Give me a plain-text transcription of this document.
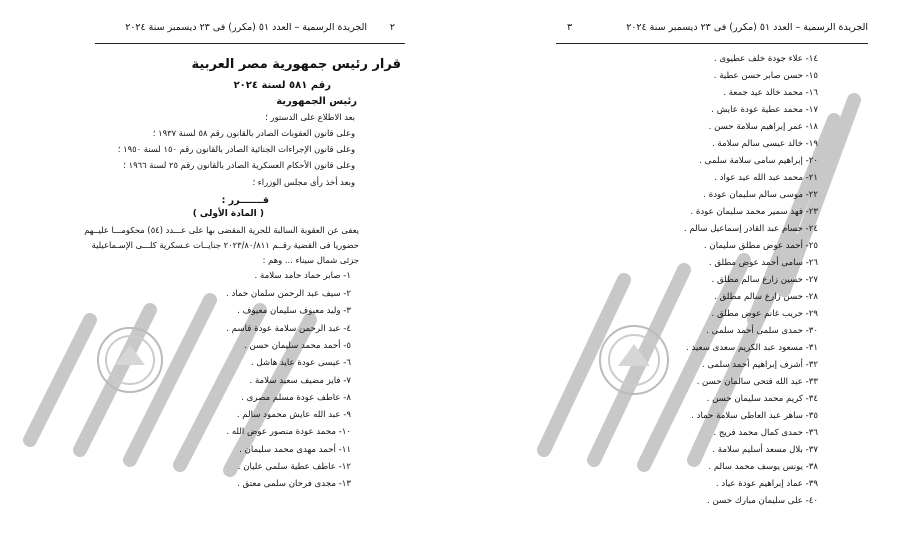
الجريدة الرسمية – العدد ٥١ (مكرر) فى ٢٣ ديسمبر سنة ٢٠٢٤ ٢
قرار رئيس جمهورية مصر العربية
رقم ٥٨١ لسنة ٢٠٢٤
رئيس الجمهورية
بعد الاطلاع على الدستور ؛
وعلى قانون العقوبات الصادر بالقانون رقم ٥٨ لسنة ١٩٣٧ ؛
وعلى قانون الإجراءات الجنائية الصادر بالقانون رقم ١٥٠ لسنة ١٩٥٠ ؛
وعلى قانون الأحكام العسكرية الصادر بالقانون رقم ٢٥ لسنة ١٩٦٦ ؛
وبعد أخذ رأى مجلس الوزراء ؛
قـــــــرر :
( المادة الأولى )
يعفى عن العقوبة السالبة للحرية المقضى بها على عـــدد (٥٤) محكومـــا عليــهم
حضوريا فى القضية رقــم ٢٠٢٣/٨٠/٨١١ جنايــات عـسكرية كلـــى الإسـماعيلية
جزئى شمال سيناء ... وهم :
١- صابر حماد حامد سلامة .
٢- سيف عبد الرحمن سلمان حماد .
٣- وليد معيوف سليمان معيوف .
٤- عبد الرحمن سلامة عودة قاسم .
٥- أحمد محمد سليمان حسن .
٦- عيسى عودة عايد هاشل .
٧- فايز مضيف سعيد سلامة .
٨- عاطف عودة مسلم مصرى .
٩- عبد الله عايش محمود سالم .
١٠- محمد عودة منصور عوض الله .
١١- أحمد مهدى محمد سليمان .
١٢- عاطف عطية سلمى عليان .
١٣- مجدى فرحان سلمى معتق .
الجريدة الرسمية – العدد ٥١ (مكرر) فى ٢٣ ديسمبر سنة ٢٠٢٤
٣
١٤- علاء جودة خلف عطيوى .
١٥- حسن صابر حسن عطية .
١٦- محمد خالد عيد جمعة .
١٧- محمد عطية عودة عايش .
١٨- عمر إبراهيم سلامة حسن .
١٩- خالد عيسى سالم سلامة .
٢٠- إبراهيم سامى سلامة سلمى .
٢١- محمد عبد الله عيد عواد .
٢٢- موسى سالم سليمان عودة .
٢٣- فهد سمير محمد سليمان عودة .
٢٤- حسام عبد القادر إسماعيل سالم .
٢٥- أحمد عوض مطلق سليمان .
٢٦- سامى أحمد عوض مطلق .
٢٧- حسين زارع سالم مطلق .
٢٨- حسن زارع سالم مطلق .
٢٩- حريب غانم عوض مطلق .
٣٠- حمدى سلمى أحمد سلمى .
٣١- مسعود عبد الكريم سعدى سعيد .
٣٢- أشرف إبراهيم أحمد سلمى .
٣٣- عبد الله فتحى سالمان حسن .
٣٤- كريم محمد سليمان حسن .
٣٥- ساهر عبد العاطى سلامة حماد .
٣٦- حمدى كمال محمد فريج .
٣٧- بلال مسعد أسليم سلامة .
٣٨- يونس يوسف محمد سالم .
٣٩- عماد إبراهيم عودة عياد .
٤٠- على سليمان مبارك حسن .
